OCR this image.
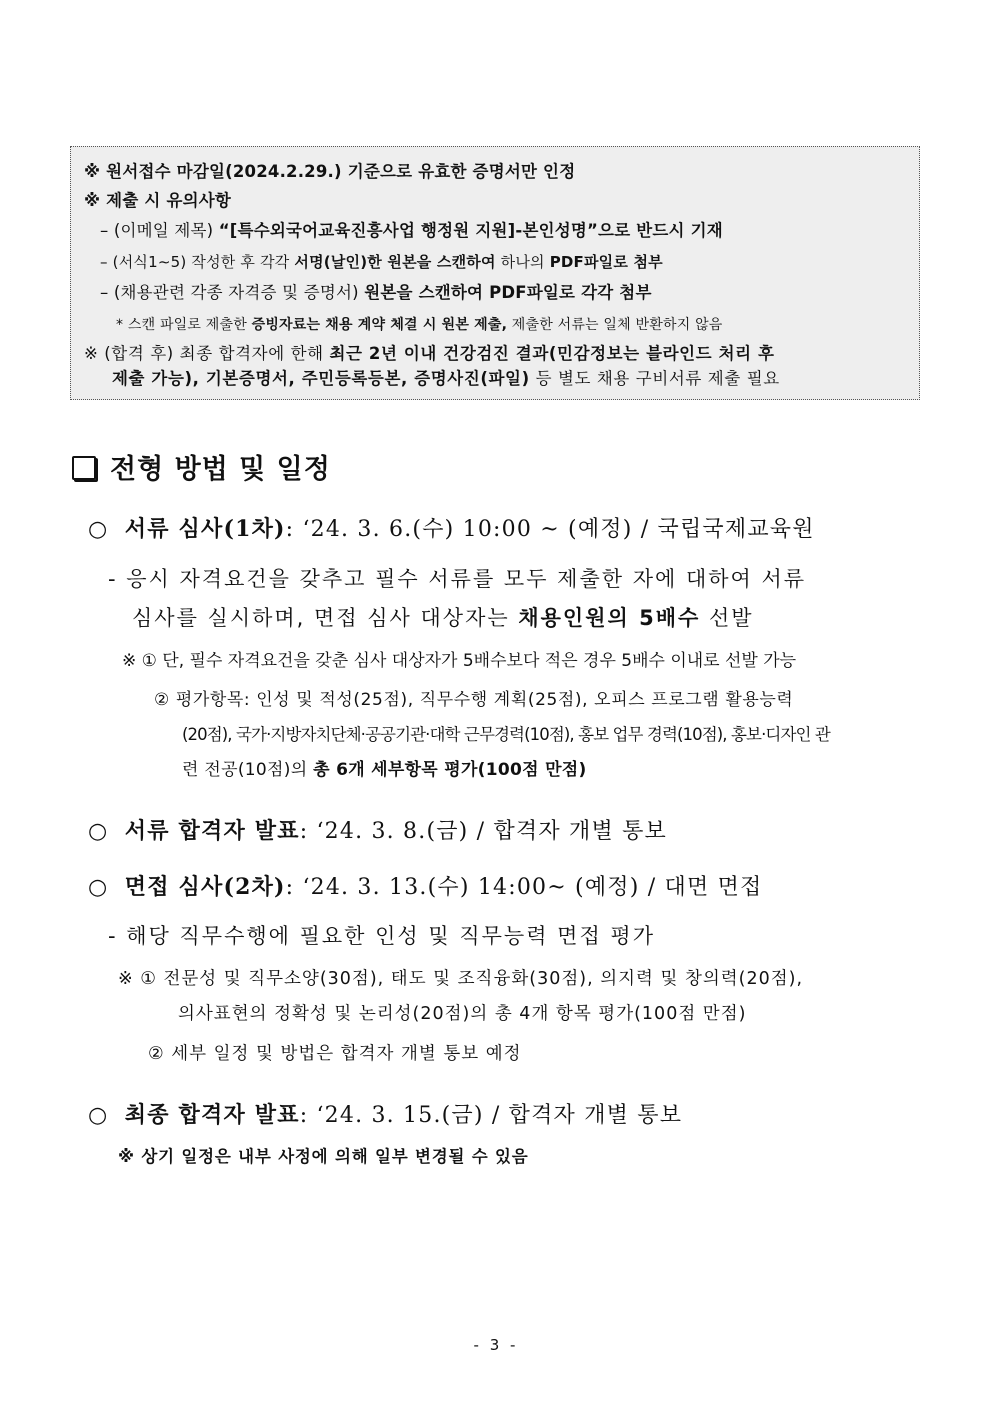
※ 원서접수 마감일(2024.2.29.) 기준으로 유효한 증명서만 인정
※ 제출 시 유의사항
– (이메일 제목) “[특수외국어교육진흥사업 행정원 지원]-본인성명”으로 반드시 기재
– (서식1∼5) 작성한 후 각각 서명(날인)한 원본을 스캔하여 하나의 PDF파일로 첨부
– (채용관련 각종 자격증 및 증명서) 원본을 스캔하여 PDF파일로 각각 첨부
* 스캔 파일로 제출한 증빙자료는 채용 계약 체결 시 원본 제출, 제출한 서류는 일체 반환하지 않음
※ (합격 후) 최종 합격자에 한해 최근 2년 이내 건강검진 결과(민감정보는 블라인드 처리 후
제출 가능), 기본증명서, 주민등록등본, 증명사진(파일) 등 별도 채용 구비서류 제출 필요
전형 방법 및 일정
○ 서류 심사(1차): ‘24. 3. 6.(수) 10:00 ~ (예정) / 국립국제교육원
- 응시 자격요건을 갖추고 필수 서류를 모두 제출한 자에 대하여 서류
심사를 실시하며, 면접 심사 대상자는 채용인원의 5배수 선발
※ ① 단, 필수 자격요건을 갖춘 심사 대상자가 5배수보다 적은 경우 5배수 이내로 선발 가능
② 평가항목: 인성 및 적성(25점), 직무수행 계획(25점), 오피스 프로그램 활용능력
(20점), 국가·지방자치단체·공공기관·대학 근무경력(10점), 홍보 업무 경력(10점), 홍보·디자인 관
련 전공(10점)의 총 6개 세부항목 평가(100점 만점)
○ 서류 합격자 발표: ‘24. 3. 8.(금) / 합격자 개별 통보
○ 면접 심사(2차): ‘24. 3. 13.(수) 14:00~ (예정) / 대면 면접
- 해당 직무수행에 필요한 인성 및 직무능력 면접 평가
※ ① 전문성 및 직무소양(30점), 태도 및 조직융화(30점), 의지력 및 창의력(20점),
의사표현의 정확성 및 논리성(20점)의 총 4개 항목 평가(100점 만점)
② 세부 일정 및 방법은 합격자 개별 통보 예정
○ 최종 합격자 발표: ‘24. 3. 15.(금) / 합격자 개별 통보
※ 상기 일정은 내부 사정에 의해 일부 변경될 수 있음
- 3 -
